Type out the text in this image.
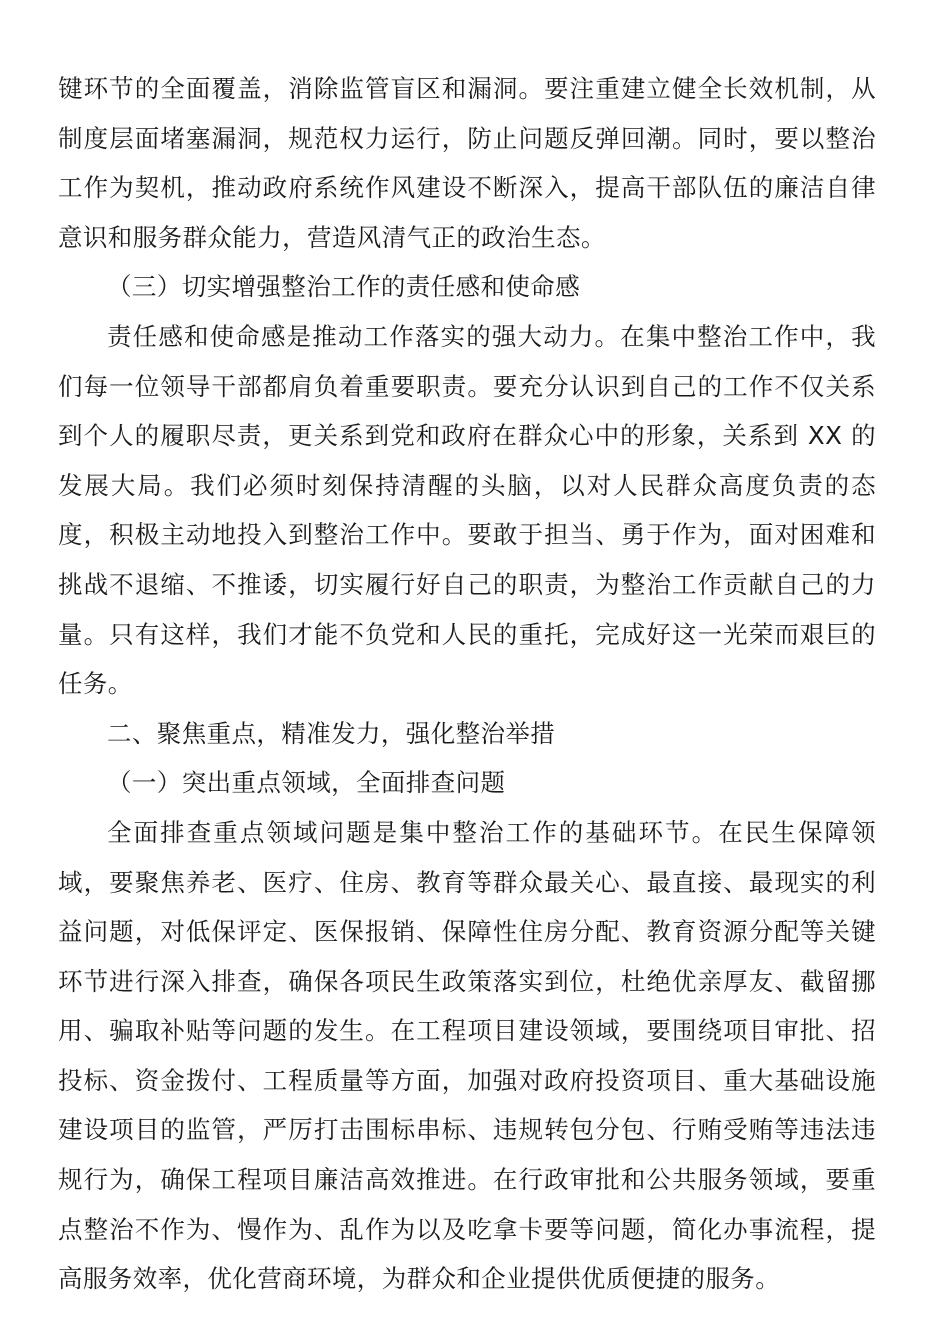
键环节的全面覆盖，消除监管盲区和漏洞。要注重建立健全长效机制，从制度层面堵塞漏洞，规范权力运行，防止问题反弹回潮。同时，要以整治工作为契机，推动政府系统作风建设不断深入，提高干部队伍的廉洁自律意识和服务群众能力，营造风清气正的政治生态。

（三）切实增强整治工作的责任感和使命感

责任感和使命感是推动工作落实的强大动力。在集中整治工作中，我们每一位领导干部都肩负着重要职责。要充分认识到自己的工作不仅关系到个人的履职尽责，更关系到党和政府在群众心中的形象，关系到 XX 的发展大局。我们必须时刻保持清醒的头脑，以对人民群众高度负责的态度，积极主动地投入到整治工作中。要敢于担当、勇于作为，面对困难和挑战不退缩、不推诿，切实履行好自己的职责，为整治工作贡献自己的力量。只有这样，我们才能不负党和人民的重托，完成好这一光荣而艰巨的任务。

二、聚焦重点，精准发力，强化整治举措

（一）突出重点领域，全面排查问题

全面排查重点领域问题是集中整治工作的基础环节。在民生保障领域，要聚焦养老、医疗、住房、教育等群众最关心、最直接、最现实的利益问题，对低保评定、医保报销、保障性住房分配、教育资源分配等关键环节进行深入排查，确保各项民生政策落实到位，杜绝优亲厚友、截留挪用、骗取补贴等问题的发生。在工程项目建设领域，要围绕项目审批、招投标、资金拨付、工程质量等方面，加强对政府投资项目、重大基础设施建设项目的监管，严厉打击围标串标、违规转包分包、行贿受贿等违法违规行为，确保工程项目廉洁高效推进。在行政审批和公共服务领域，要重点整治不作为、慢作为、乱作为以及吃拿卡要等问题，简化办事流程，提高服务效率，优化营商环境，为群众和企业提供优质便捷的服务。
